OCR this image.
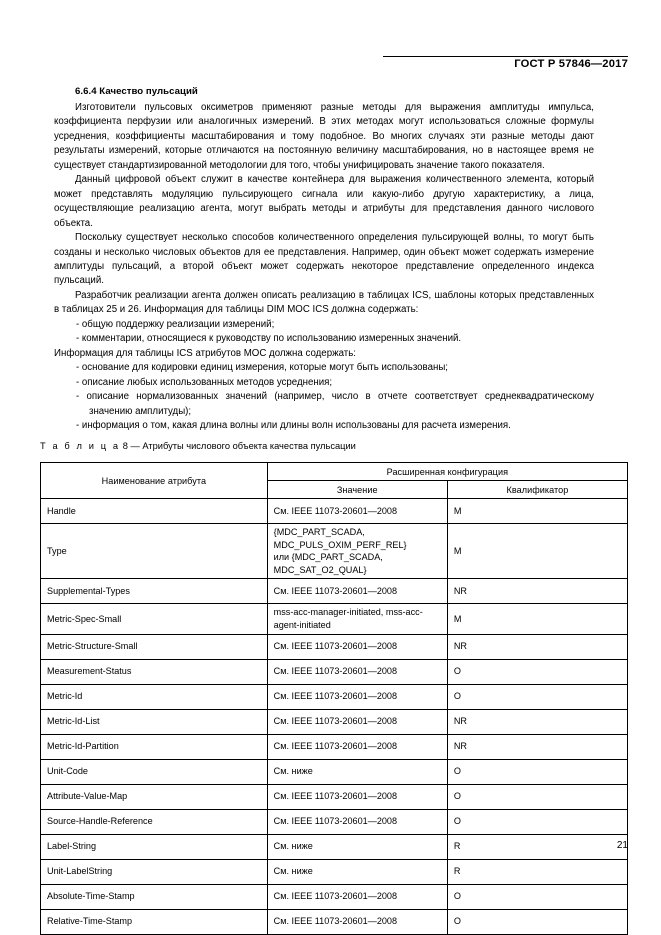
ГОСТ Р 57846—2017
6.6.4 Качество пульсаций

Изготовители пульсовых оксиметров применяют разные методы для выражения амплитуды импульса, коэффициента перфузии или аналогичных измерений. В этих методах могут использоваться сложные формулы усреднения, коэффициенты масштабирования и тому подобное. Во многих случаях эти разные методы дают результаты измерений, которые отличаются на постоянную величину масштабирования, но в настоящее время не существует стандартизированной методологии для того, чтобы унифицировать значение такого показателя.

Данный цифровой объект служит в качестве контейнера для выражения количественного элемента, который может представлять модуляцию пульсирующего сигнала или какую-либо другую характеристику, а лица, осуществляющие реализацию агента, могут выбрать методы и атрибуты для представления данного числового объекта.

Поскольку существует несколько способов количественного определения пульсирующей волны, то могут быть созданы и несколько числовых объектов для ее представления. Например, один объект может содержать измерение амплитуды пульсаций, а второй объект может содержать некоторое представление определенного индекса пульсаций.

Разработчик реализации агента должен описать реализацию в таблицах ICS, шаблоны которых представленных в таблицах 25 и 26. Информация для таблицы DIM MOC ICS должна содержать:

- общую поддержку реализации измерений;

- комментарии, относящиеся к руководству по использованию измеренных значений.

Информация для таблицы ICS атрибутов MOC должна содержать:

- основание для кодировки единиц измерения, которые могут быть использованы;

- описание любых использованных методов усреднения;

- описание нормализованных значений (например, число в отчете соответствует среднеквадратическому значению амплитуды);

- информация о том, какая длина волны или длины волн использованы для расчета измерения.

Т а б л и ц а 8 — Атрибуты числового объекта качества пульсации
Наименование атрибута	Расширенная конфигурация	
	Значение	Квалификатор
Handle	См. IEEE 11073-20601—2008	M
Type	{MDC_PART_SCADA, MDC_PULS_OXIM_PERF_REL}
или {MDC_PART_SCADA, MDC_SAT_O2_QUAL}	M
Supplemental-Types	См. IEEE 11073-20601—2008	NR
Metric-Spec-Small	mss-acc-manager-initiated, mss-acc-agent-initiated	M
Metric-Structure-Small	См. IEEE 11073-20601—2008	NR
Measurement-Status	См. IEEE 11073-20601—2008	O
Metric-Id	См. IEEE 11073-20601—2008	O
Metric-Id-List	См. IEEE 11073-20601—2008	NR
Metric-Id-Partition	См. IEEE 11073-20601—2008	NR
Unit-Code	См. ниже	O
Attribute-Value-Map	См. IEEE 11073-20601—2008	O
Source-Handle-Reference	См. IEEE 11073-20601—2008	O
Label-String	См. ниже	R
Unit-LabelString	См. ниже	R
Absolute-Time-Stamp	См. IEEE 11073-20601—2008	O
Relative-Time-Stamp	См. IEEE 11073-20601—2008	O
21
